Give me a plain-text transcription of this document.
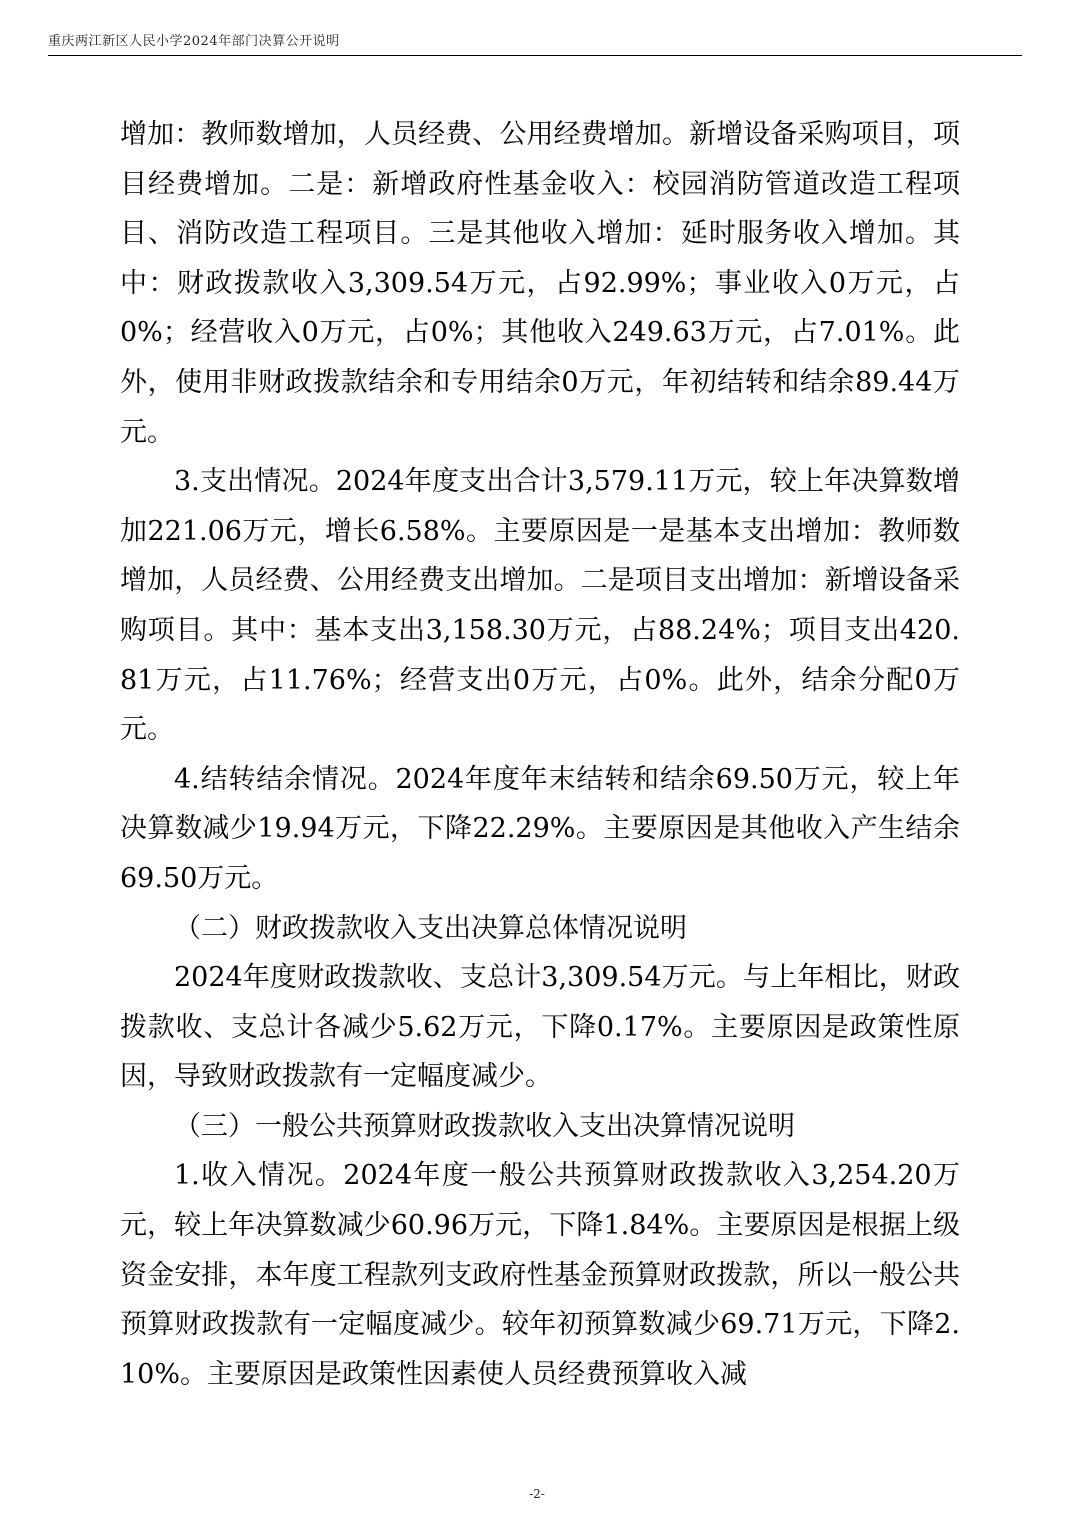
重庆两江新区人民小学2024年部门决算公开说明

增加：教师数增加，人员经费、公用经费增加。新增设备采购项目，项目经费增加。二是：新增政府性基金收入：校园消防管道改造工程项目、消防改造工程项目。三是其他收入增加：延时服务收入增加。其中：财政拨款收入3,309.54万元，占92.99%；事业收入0万元，占0%；经营收入0万元，占0%；其他收入249.63万元，占7.01%。此外，使用非财政拨款结余和专用结余0万元，年初结转和结余89.44万元。

3.支出情况。2024年度支出合计3,579.11万元，较上年决算数增加221.06万元，增长6.58%。主要原因是一是基本支出增加：教师数增加，人员经费、公用经费支出增加。二是项目支出增加：新增设备采购项目。其中：基本支出3,158.30万元，占88.24%；项目支出420.81万元，占11.76%；经营支出0万元，占0%。此外，结余分配0万元。

4.结转结余情况。2024年度年末结转和结余69.50万元，较上年决算数减少19.94万元，下降22.29%。主要原因是其他收入产生结余69.50万元。

（二）财政拨款收入支出决算总体情况说明

2024年度财政拨款收、支总计3,309.54万元。与上年相比，财政拨款收、支总计各减少5.62万元，下降0.17%。主要原因是政策性原因，导致财政拨款有一定幅度减少。

（三）一般公共预算财政拨款收入支出决算情况说明

1.收入情况。2024年度一般公共预算财政拨款收入3,254.20万元，较上年决算数减少60.96万元，下降1.84%。主要原因是根据上级资金安排，本年度工程款列支政府性基金预算财政拨款，所以一般公共预算财政拨款有一定幅度减少。较年初预算数减少69.71万元，下降2.10%。主要原因是政策性因素使人员经费预算收入减

-2-
